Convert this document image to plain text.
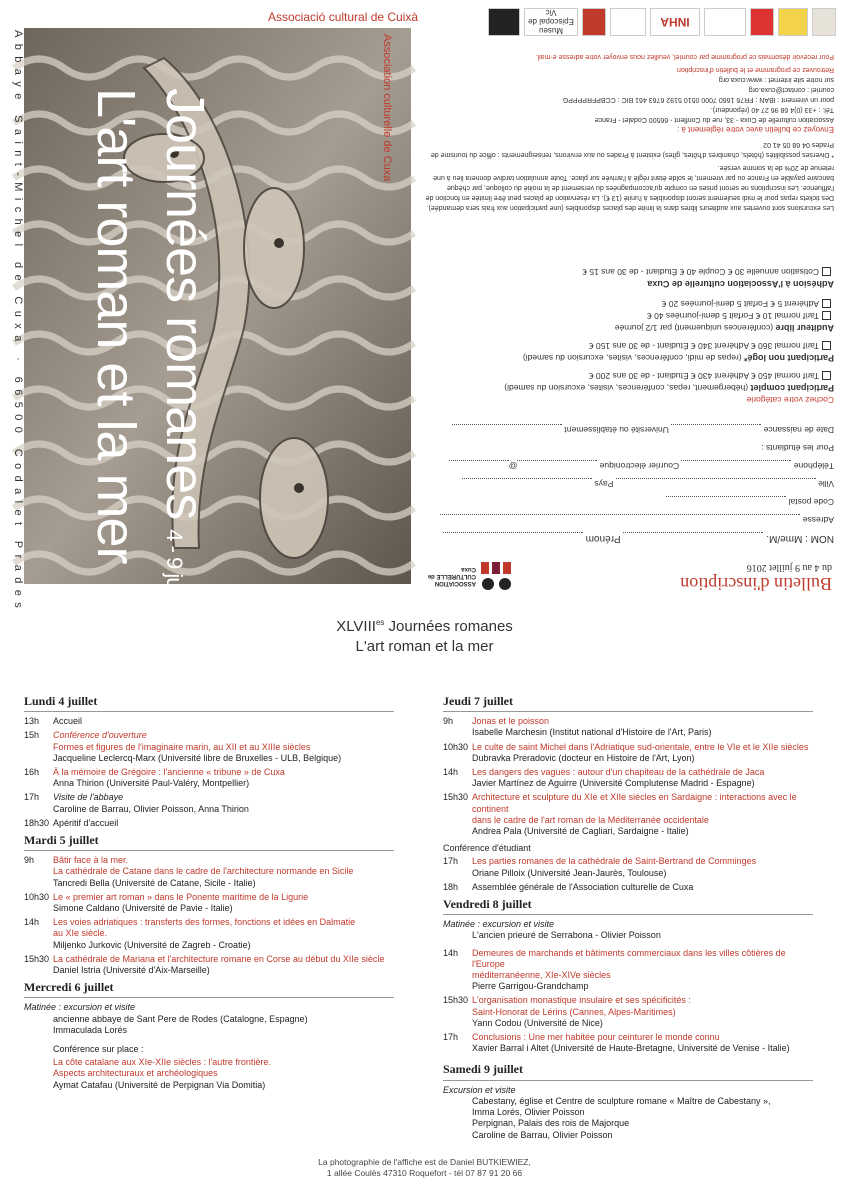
Journées romanes4 - 9 juillet 2016
L'art roman et la mer
Abbaye Saint-Michel de Cuxa · 66500 Codalet Prades	Association culturelle de Cuxa
Associació cultural de Cuixà
Bulletin d'inscription
du 4 au 9 juillet 2016
ASSOCIATION CULTURELLE de Cuxa
NOM : Mme/M.  Prénom
Adresse
Code postal
Ville  Pays
Téléphone  Courrier électronique @
Pour les étudiants :
Date de naissance  Université ou établissement
Cochez votre catégorie
Participant complet (hébergement, repas, conférences, visites, excursion du samedi)
Tarif normal 450 € Adhérent 430 € Étudiant - de 30 ans 200 €
Participant non logé* (repas de midi, conférences, visites, excursion du samedi)
Tarif normal 360 € Adhérent 340 € Étudiant - de 30 ans 150 €
Auditeur libre (conférences uniquement) par 1/2 journée
Tarif normal 10 € Forfait 5 demi-journées 40 €
Adhérent 5 € Forfait 5 demi-journées 20 €
Adhésion à l'Association culturelle de Cuxa
Cotisation annuelle 30 € Couple 40 € Étudiant - de 30 ans 15 €
Les excursions sont ouvertes aux auditeurs libres dans la limite des places disponibles (une participation aux frais sera demandée). Des tickets repas pour le midi seulement seront disponibles à l'unité (13 €). La réservation de places peut être limitée en fonction de l'affluence. Les inscriptions ne seront prises en compte qu'accompagnées du versement de la moitié du colloque, par chèque bancaire payable en France ou par virement, le solde étant réglé à l'arrivée sur place. Toute annulation tardive donnera lieu à une retenue de 20% de la somme versée.
* Diverses possibilités (hôtels, chambres d'hôtes, gîtes) existent à Prades ou aux environs, renseignements : office du tourisme de Prades 04 68 05 41 02
Envoyez ce bulletin avec votre règlement à :
Association culturelle de Cuxa - 33, rue du Conflent - 66500 Codalet - France
Tél. : +33 (0)4 68 96 27 40 (répondeur).
pour un virement : IBAN : FR76 1660 7000 0510 5192 6763 461 BIC : CCBPFRPPPPG
courriel : contact@cuxa.org
sur notre site internet : www.cuxa.org
Retrouvez ce programme et le bulletin d'inscription
Pour recevoir désormais ce programme par courriel, veuillez nous envoyer votre adresse e-mail.
INHA
Museu Episcopal de Vic
$XLVIII^{es}$ Journées romanes
L'art roman et la mer
Lundi 4 juillet
13h	Accueil
15h	Conférence d'ouverture
Formes et figures de l'imaginaire marin, au XII et au XIIIe siècles
Jacqueline Leclercq-Marx (Université libre de Bruxelles - ULB, Belgique)
16h	À la mémoire de Grégoire : l'ancienne « tribune » de Cuxa
Anna Thirion (Université Paul-Valéry, Montpellier)
17h	Visite de l'abbaye
Caroline de Barrau, Olivier Poisson, Anna Thirion
18h30 Apéritif d'accueil
Mardi 5 juillet
9h	Bâtir face à la mer.
La cathédrale de Catane dans le cadre de l'architecture normande en Sicile
Tancredi Bella (Université de Catane, Sicile - Italie)
10h30 Le « premier art roman » dans le Ponente maritime de la Ligurie
Simone Caldano (Université de Pavie - Italie)
14h	Les voies adriatiques : transferts des formes, fonctions et idées en Dalmatie
au XIe siècle.
Miljenko Jurkovic (Université de Zagreb - Croatie)
15h30 La cathédrale de Mariana et l'architecture romane en Corse au début du XIIe siècle
Daniel Istria (Université d'Aix-Marseille)
Mercredi 6 juillet
Matinée : excursion et visite
ancienne abbaye de Sant Pere de Rodes (Catalogne, Espagne)
Immaculada Lorés
Conférence sur place :
La côte catalane aux XIe-XIIe siècles : l'autre frontière.
Aspects architecturaux et archéologiques
Aymat Catafau (Université de Perpignan Via Domitia)
Jeudi 7 juillet
9h	Jonas et le poisson
Isabelle Marchesin (Institut national d'Histoire de l'Art, Paris)
10h30 Le culte de saint Michel dans l'Adriatique sud-orientale, entre le VIe et le XIIe siècles
Dubravka Preradovic (docteur en Histoire de l'Art, Lyon)
14h	Les dangers des vagues : autour d'un chapiteau de la cathédrale de Jaca
Javier Martínez de Aguirre (Université Complutense Madrid - Espagne)
15h30 Architecture et sculpture du XIe et XIIe siècles en Sardaigne : interactions avec le continent
dans le cadre de l'art roman de la Méditerranée occidentale
Andrea Pala (Université de Cagliari, Sardaigne - Italie)
Conférence d'étudiant
17h	Les parties romanes de la cathédrale de Saint-Bertrand de Comminges
Oriane Pilloix (Université Jean-Jaurès, Toulouse)
18h	Assemblée générale de l'Association culturelle de Cuxa
Vendredi 8 juillet
Matinée : excursion et visite
L'ancien prieuré de Serrabona - Olivier Poisson
14h	Demeures de marchands et bâtiments commerciaux dans les villes côtières de l'Europe
méditerranéenne, XIe-XIVe siècles
Pierre Garrigou-Grandchamp
15h30 L'organisation monastique insulaire et ses spécificités :
Saint-Honorat de Lérins (Cannes, Alpes-Maritimes)
Yann Codou (Université de Nice)
17h	Conclusions : Une mer habitée pour ceinturer le monde connu
Xavier Barral i Altet (Université de Haute-Bretagne, Université de Venise - Italie)
Samedi 9 juillet
Excursion et visite
Cabestany, église et Centre de sculpture romane « Maître de Cabestany »,
Imma Lorés, Olivier Poisson
Perpignan, Palais des rois de Majorque
Caroline de Barrau, Olivier Poisson
La photographie de l'affiche est de Daniel BUTKIEWIEZ,
1 allée Coulès 47310 Roquefort - tél 07 87 91 20 66
